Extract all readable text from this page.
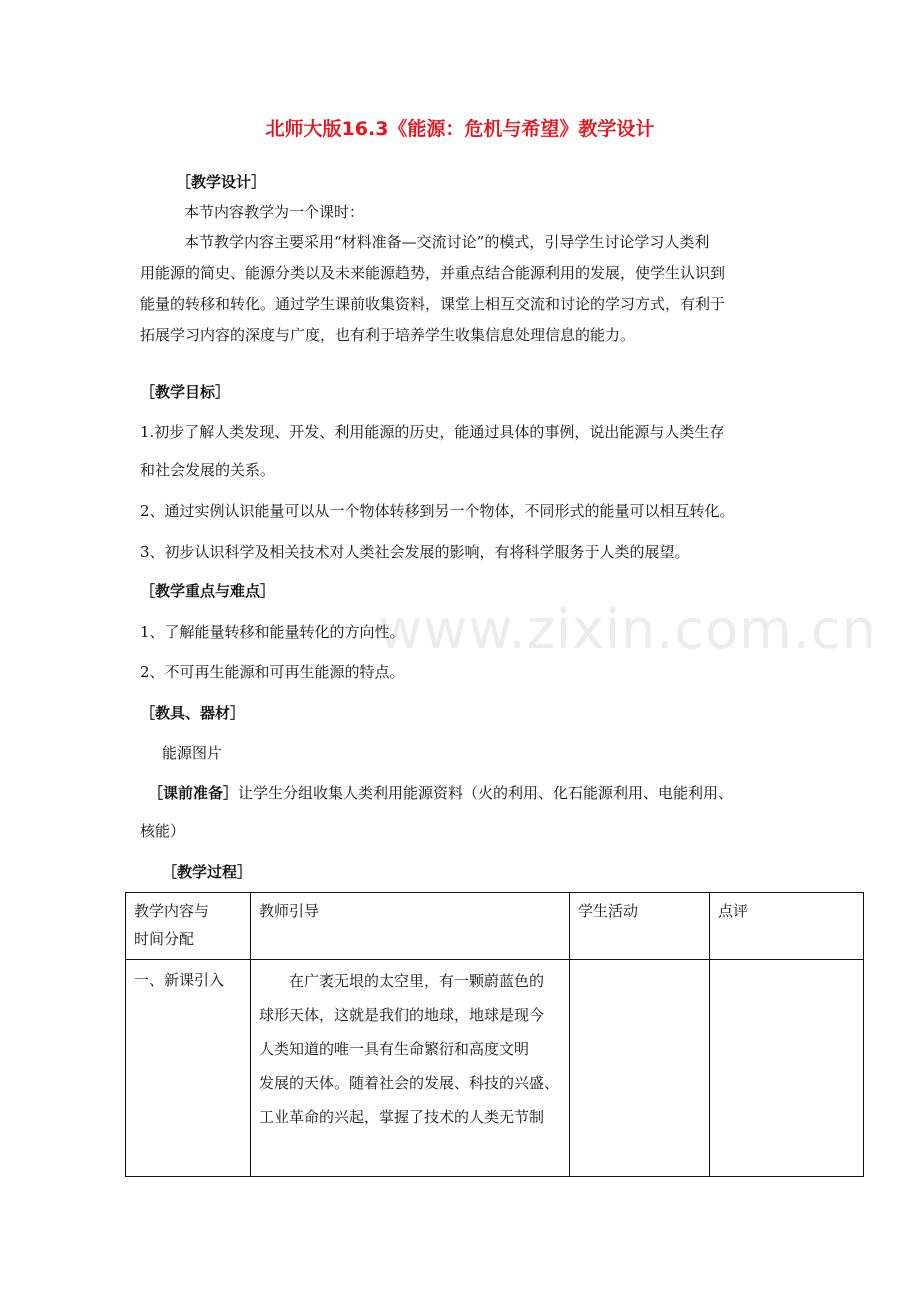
www.zixin.com.cn
北师大版16.3《能源：危机与希望》教学设计
［教学设计］
本节内容教学为一个课时：
本节教学内容主要采用“材料准备—交流讨论”的模式，引导学生讨论学习人类利
用能源的简史、能源分类以及未来能源趋势，并重点结合能源利用的发展，使学生认识到
能量的转移和转化。通过学生课前收集资料，课堂上相互交流和讨论的学习方式，有利于
拓展学习内容的深度与广度，也有利于培养学生收集信息处理信息的能力。
［教学目标］
1.初步了解人类发现、开发、利用能源的历史，能通过具体的事例，说出能源与人类生存
和社会发展的关系。
2、通过实例认识能量可以从一个物体转移到另一个物体，不同形式的能量可以相互转化。
3、初步认识科学及相关技术对人类社会发展的影响，有将科学服务于人类的展望。
［教学重点与难点］
1、了解能量转移和能量转化的方向性。
2、不可再生能源和可再生能源的特点。
［教具、器材］
能源图片
［课前准备］让学生分组收集人类利用能源资料（火的利用、化石能源利用、电能利用、
核能）
［教学过程］
教学内容与
时间分配	教师引导	学生活动	点评
一、新课引入	在广袤无垠的太空里，有一颗蔚蓝色的
球形天体，这就是我们的地球，地球是现今
人类知道的唯一具有生命繁衍和高度文明
发展的天体。随着社会的发展、科技的兴盛、
工业革命的兴起，掌握了技术的人类无节制		
